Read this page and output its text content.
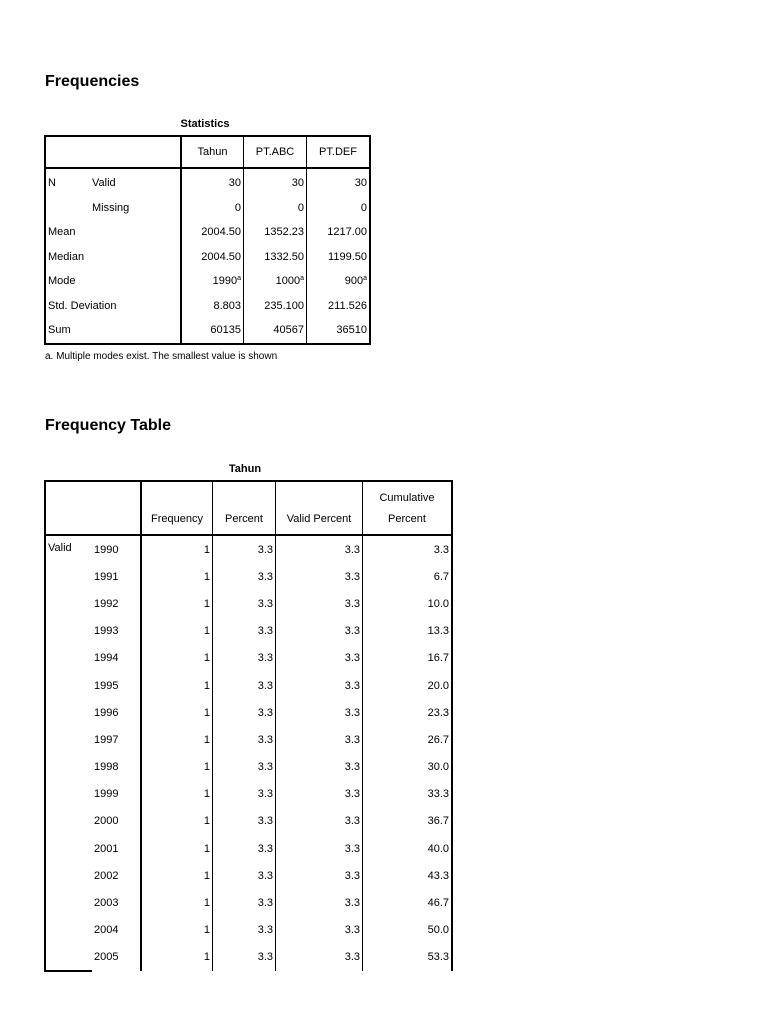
Frequencies
Statistics
		Tahun	PT.ABC	PT.DEF
N	Valid	30	30	30
	Missing	0	0	0
Mean		2004.50	1352.23	1217.00
Median		2004.50	1332.50	1199.50
Mode		1990$^a$	1000$^a$	900$^a$
Std. Deviation		8.803	235.100	211.526
Sum		60135	40567	36510
a. Multiple modes exist. The smallest value is shown
Frequency Table
Tahun
		Frequency	Percent	Valid Percent	Cumulative Percent
Valid	1990	1	3.3	3.3	3.3
	1991	1	3.3	3.3	6.7
	1992	1	3.3	3.3	10.0
	1993	1	3.3	3.3	13.3
	1994	1	3.3	3.3	16.7
	1995	1	3.3	3.3	20.0
	1996	1	3.3	3.3	23.3
	1997	1	3.3	3.3	26.7
	1998	1	3.3	3.3	30.0
	1999	1	3.3	3.3	33.3
	2000	1	3.3	3.3	36.7
	2001	1	3.3	3.3	40.0
	2002	1	3.3	3.3	43.3
	2003	1	3.3	3.3	46.7
	2004	1	3.3	3.3	50.0
	2005	1	3.3	3.3	53.3
